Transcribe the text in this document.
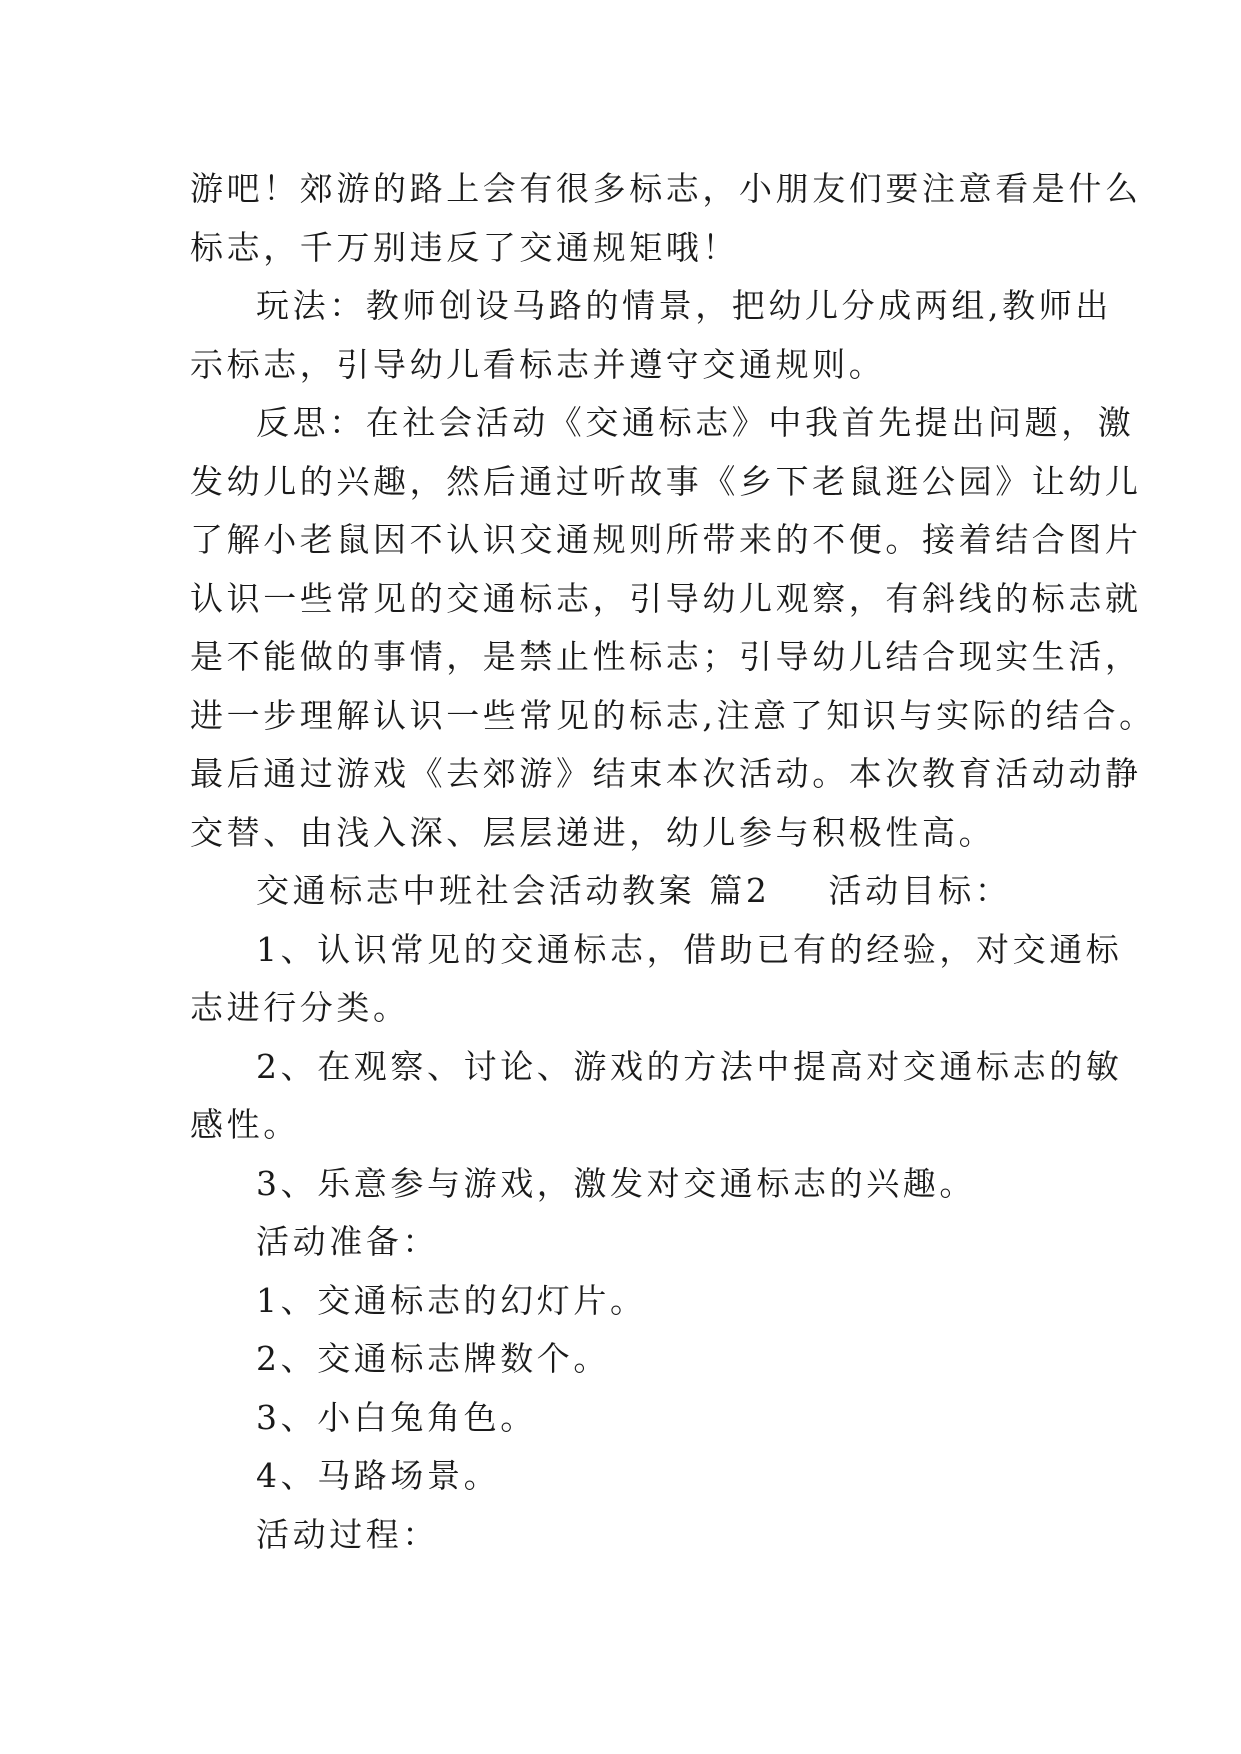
游吧！郊游的路上会有很多标志，小朋友们要注意看是什么
标志，千万别违反了交通规矩哦！
玩法：教师创设马路的情景，把幼儿分成两组,教师出
示标志，引导幼儿看标志并遵守交通规则。
反思：在社会活动《交通标志》中我首先提出问题，激
发幼儿的兴趣，然后通过听故事《乡下老鼠逛公园》让幼儿
了解小老鼠因不认识交通规则所带来的不便。接着结合图片
认识一些常见的交通标志，引导幼儿观察，有斜线的标志就
是不能做的事情，是禁止性标志；引导幼儿结合现实生活，
进一步理解认识一些常见的标志,注意了知识与实际的结合。
最后通过游戏《去郊游》结束本次活动。本次教育活动动静
交替、由浅入深、层层递进，幼儿参与积极性高。
交通标志中班社会活动教案 篇2 活动目标：
1、认识常见的交通标志，借助已有的经验，对交通标
志进行分类。
2、在观察、讨论、游戏的方法中提高对交通标志的敏
感性。
3、乐意参与游戏，激发对交通标志的兴趣。
活动准备：
1、交通标志的幻灯片。
2、交通标志牌数个。
3、小白兔角色。
4、马路场景。
活动过程：
